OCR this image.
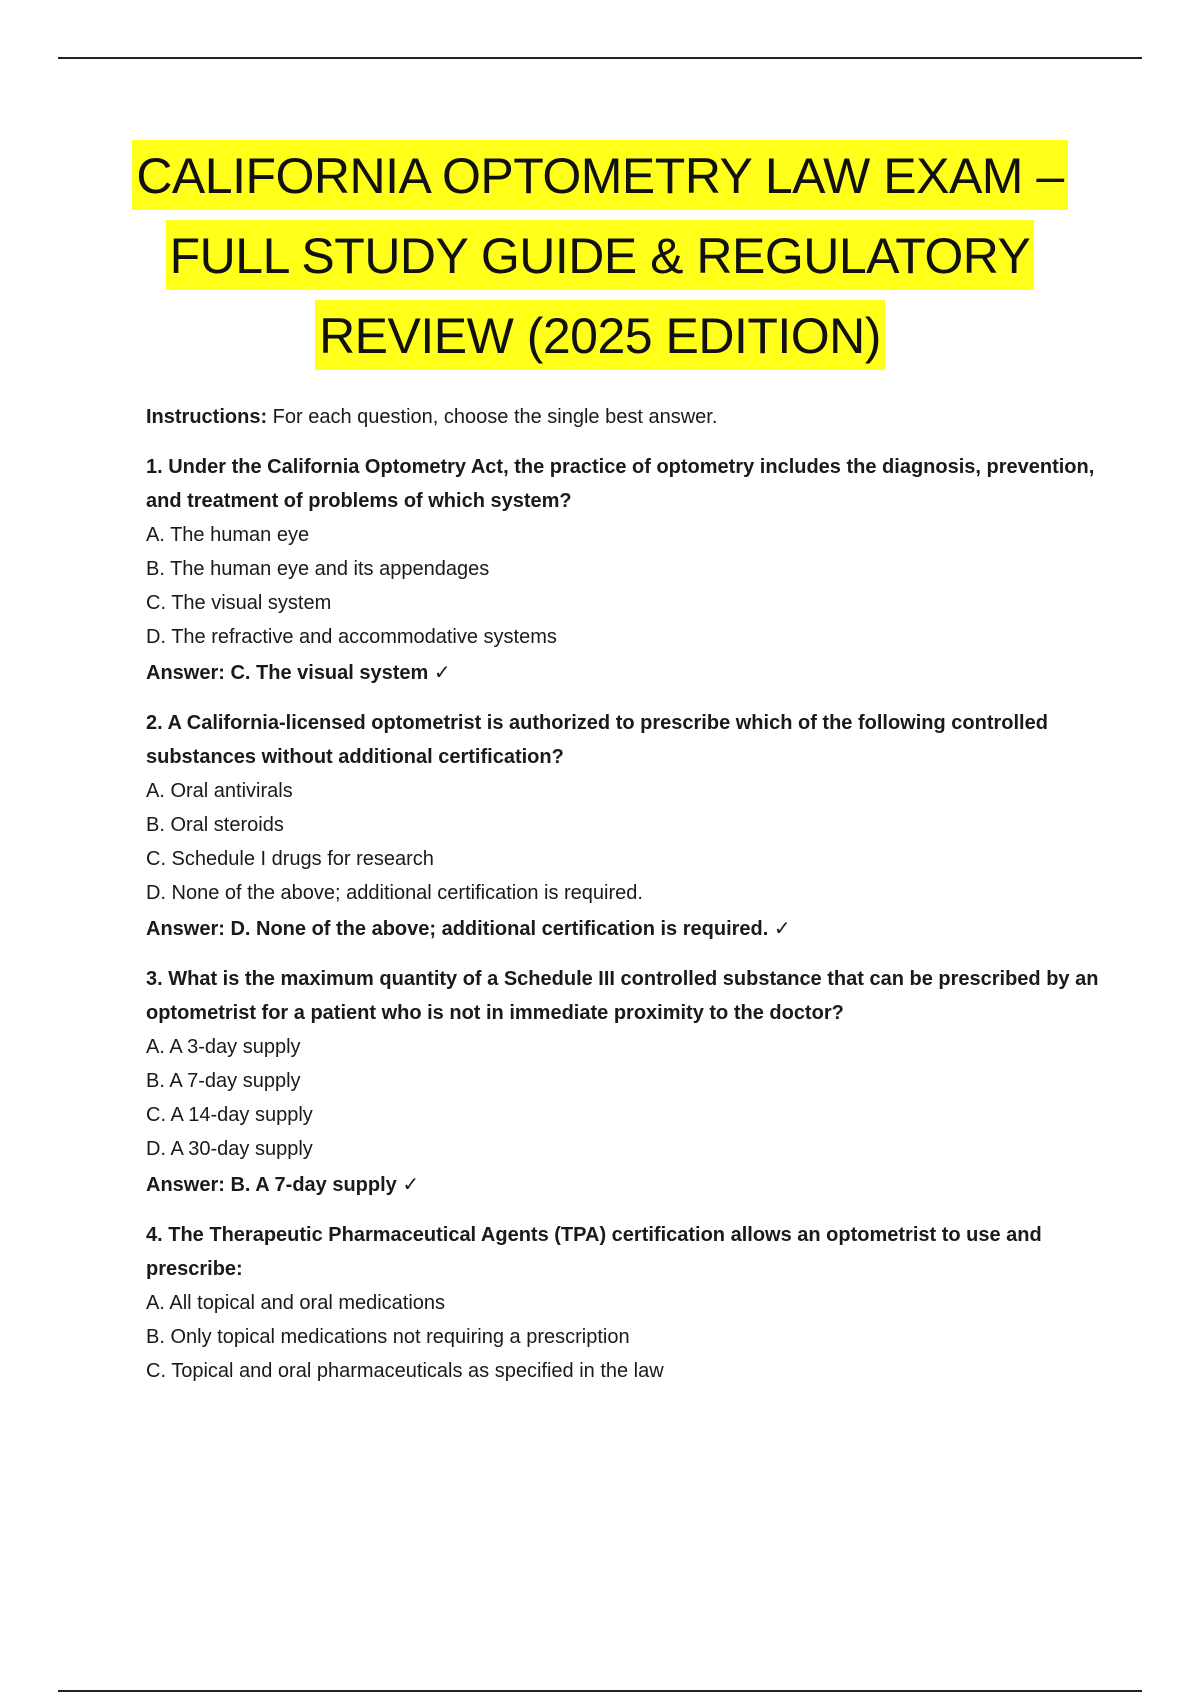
CALIFORNIA OPTOMETRY LAW EXAM –
FULL STUDY GUIDE & REGULATORY
REVIEW (2025 EDITION)

Instructions: For each question, choose the single best answer.

1. Under the California Optometry Act, the practice of optometry includes the diagnosis, prevention, and treatment of problems of which system?

A. The human eye

B. The human eye and its appendages

C. The visual system

D. The refractive and accommodative systems

Answer: C. The visual system ✓

2. A California-licensed optometrist is authorized to prescribe which of the following controlled substances without additional certification?

A. Oral antivirals

B. Oral steroids

C. Schedule I drugs for research

D. None of the above; additional certification is required.

Answer: D. None of the above; additional certification is required. ✓

3. What is the maximum quantity of a Schedule III controlled substance that can be prescribed by an optometrist for a patient who is not in immediate proximity to the doctor?

A. A 3-day supply

B. A 7-day supply

C. A 14-day supply

D. A 30-day supply

Answer: B. A 7-day supply ✓

4. The Therapeutic Pharmaceutical Agents (TPA) certification allows an optometrist to use and prescribe:

A. All topical and oral medications

B. Only topical medications not requiring a prescription

C. Topical and oral pharmaceuticals as specified in the law
